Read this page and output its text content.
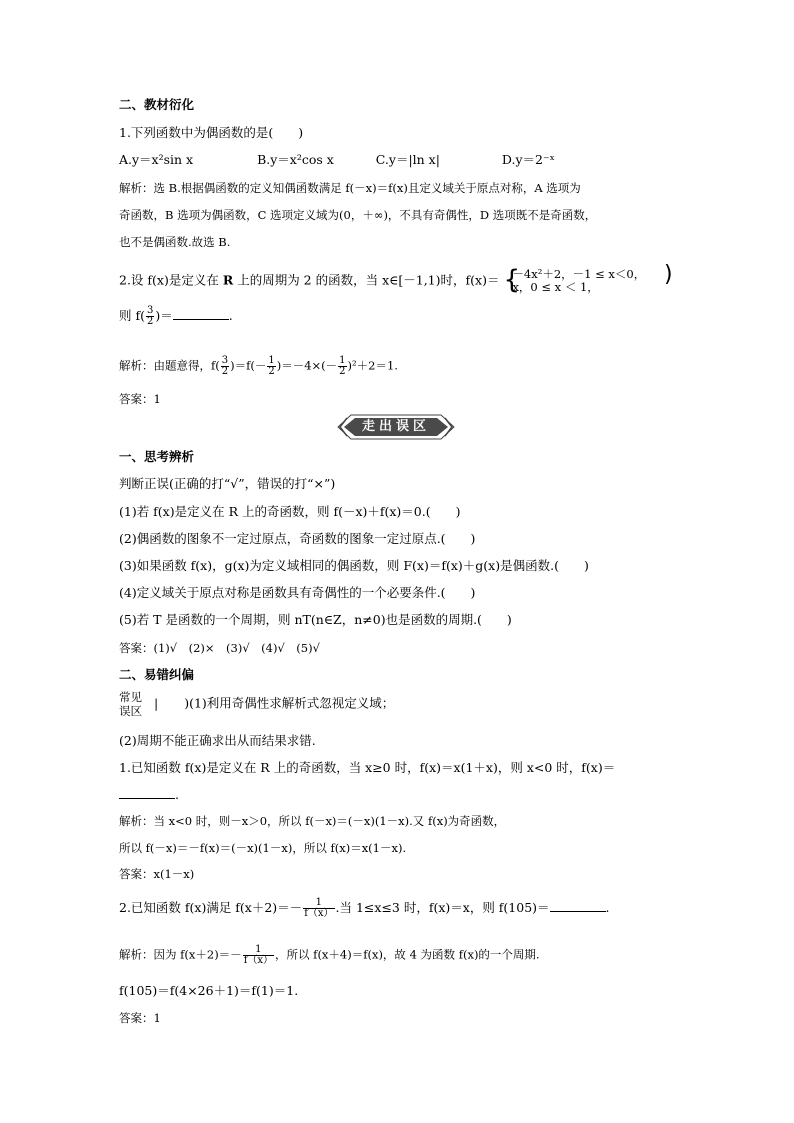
二、教材衍化
1.下列函数中为偶函数的是(　　)
A.y＝x²sin x	B.y＝x²cos x	C.y＝|ln x|	D.y＝2⁻ˣ
解析：选 B.根据偶函数的定义知偶函数满足 f(－x)＝f(x)且定义域关于原点对称，A 选项为
奇函数，B 选项为偶函数，C 选项定义域为(0，＋∞)，不具有奇偶性，D 选项既不是奇函数，
也不是偶函数.故选 B.
2.设 f(x)是定义在 R 上的周期为 2 的函数，当 x∈[－1,1)时，f(x)＝ {
－4x²＋2，－1 ≤ x＜0，
x，0 ≤ x ＜ 1，	)
则 $f( \frac{3}{2}$ )＝	.
解析：由题意得，$f( \frac{3}{2} )=f(- \frac{1}{2} )=-4\times(- \frac{1}{2} )^2+2=1$.
答案：1
走出误区
一、思考辨析
判断正误(正确的打“√”，错误的打“×”)
(1)若 f(x)是定义在 R 上的奇函数，则 f(－x)＋f(x)＝0.(　　)
(2)偶函数的图象不一定过原点，奇函数的图象一定过原点.(　　)
(3)如果函数 f(x)，g(x)为定义域相同的偶函数，则 F(x)＝f(x)＋g(x)是偶函数.(　　)
(4)定义域关于原点对称是函数具有奇偶性的一个必要条件.(　　)
(5)若 T 是函数的一个周期，则 nT(n∈Z，n≠0)也是函数的周期.(　　)
答案：(1)√　(2)×　(3)√　(4)√　(5)√
二、易错纠偏
常见
误区
| )(1)利用奇偶性求解析式忽视定义域；
(2)周期不能正确求出从而结果求错.
1.已知函数 f(x)是定义在 R 上的奇函数，当 x≥0 时，f(x)＝x(1＋x)，则 x<0 时，f(x)＝
.
解析：当 x<0 时，则－x＞0，所以 f(－x)＝(－x)(1－x).又 f(x)为奇函数，
所以 f(－x)＝－f(x)＝(－x)(1－x)，所以 f(x)＝x(1－x).
答案：x(1－x)
2.已知函数 f(x)满足 $f(x+2)=- \frac{1}{f(x)}$ .当 1≤x≤3 时，f(x)＝x，则 f(105)＝	.
解析：因为 $f(x+2)=- \frac{1}{f(x)}$ ，所以 f(x＋4)＝f(x)，故 4 为函数 f(x)的一个周期.
f(105)＝f(4×26＋1)＝f(1)＝1.
答案：1
